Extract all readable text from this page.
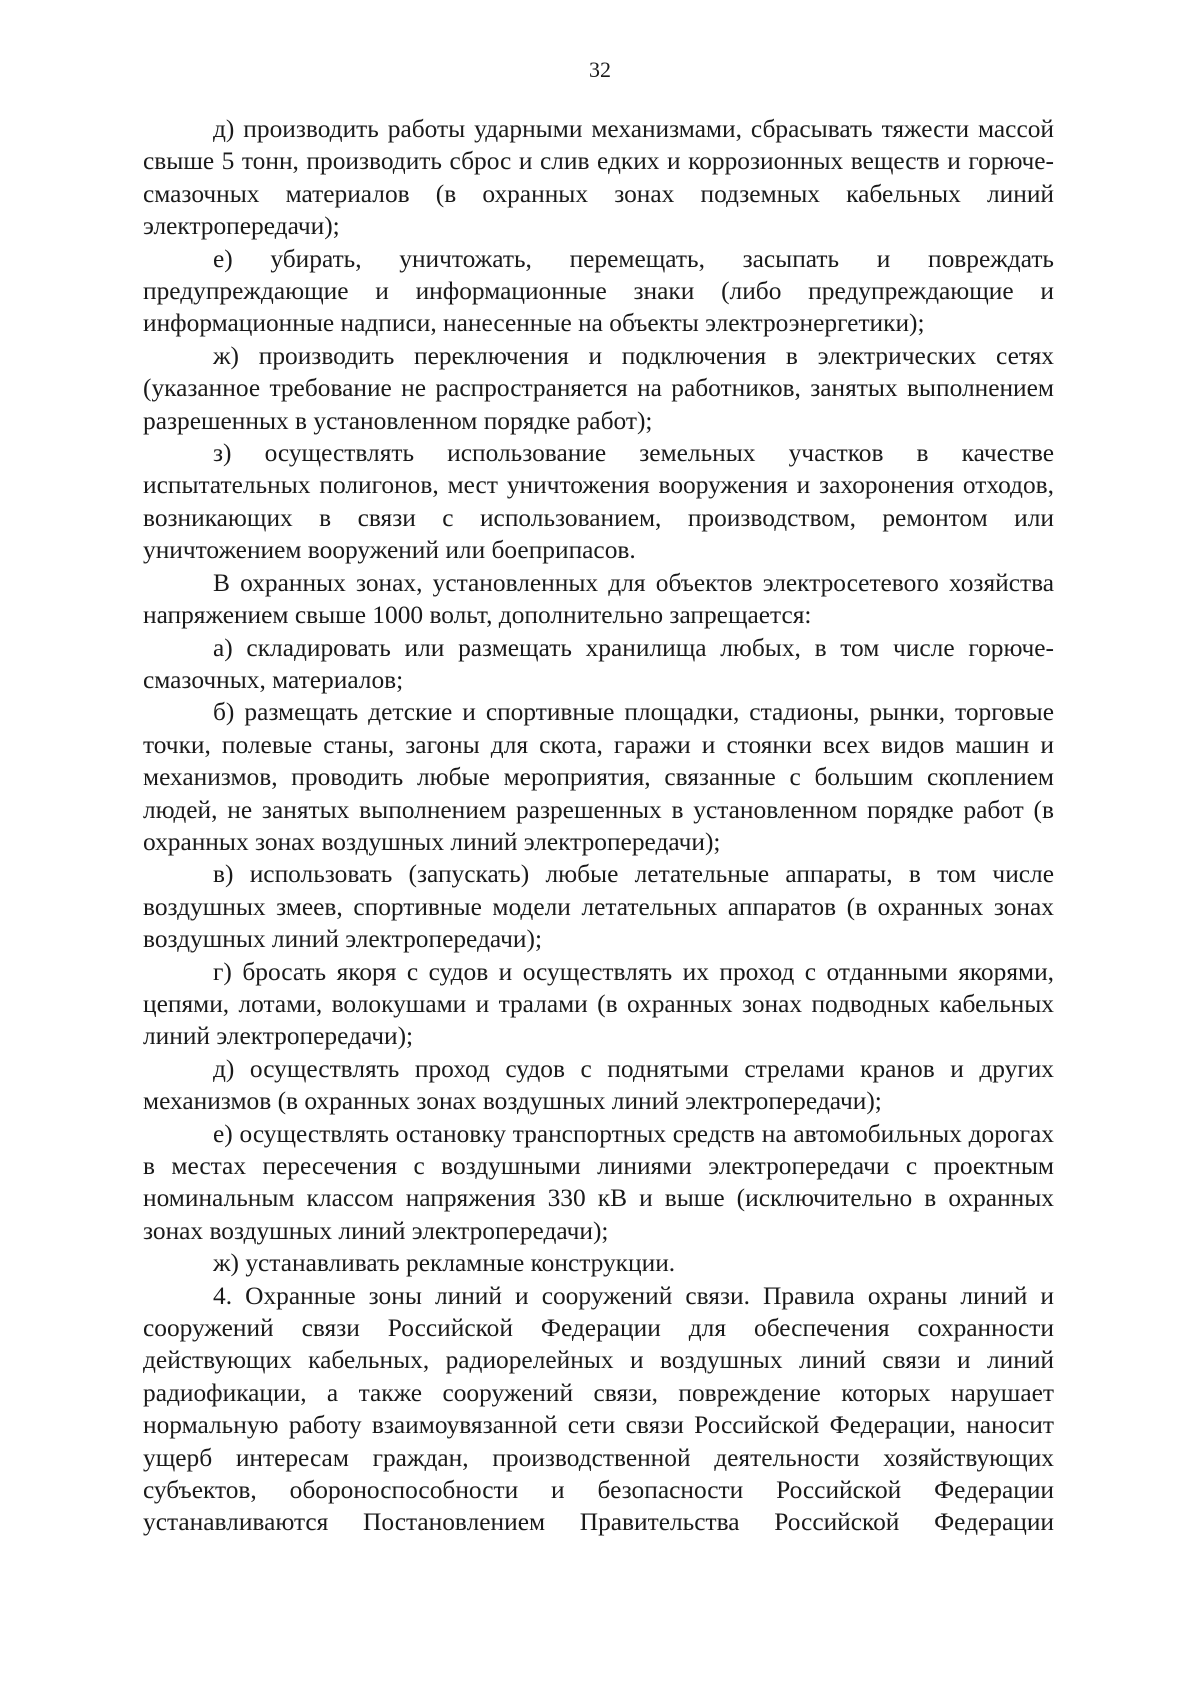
32

д) производить работы ударными механизмами, сбрасывать тяжести массой свыше 5 тонн, производить сброс и слив едких и коррозионных веществ и горюче-смазочных материалов (в охранных зонах подземных кабельных линий электропередачи);

е) убирать, уничтожать, перемещать, засыпать и повреждать предупреждающие и информационные знаки (либо предупреждающие и информационные надписи, нанесенные на объекты электроэнергетики);

ж) производить переключения и подключения в электрических сетях (указанное требование не распространяется на работников, занятых выполнением разрешенных в установленном порядке работ);

з) осуществлять использование земельных участков в качестве испытательных полигонов, мест уничтожения вооружения и захоронения отходов, возникающих в связи с использованием, производством, ремонтом или уничтожением вооружений или боеприпасов.

В охранных зонах, установленных для объектов электросетевого хозяйства напряжением свыше 1000 вольт, дополнительно запрещается:

а) складировать или размещать хранилища любых, в том числе горюче-смазочных, материалов;

б) размещать детские и спортивные площадки, стадионы, рынки, торговые точки, полевые станы, загоны для скота, гаражи и стоянки всех видов машин и механизмов, проводить любые мероприятия, связанные с большим скоплением людей, не занятых выполнением разрешенных в установленном порядке работ (в охранных зонах воздушных линий электропередачи);

в) использовать (запускать) любые летательные аппараты, в том числе воздушных змеев, спортивные модели летательных аппаратов (в охранных зонах воздушных линий электропередачи);

г) бросать якоря с судов и осуществлять их проход с отданными якорями, цепями, лотами, волокушами и тралами (в охранных зонах подводных кабельных линий электропередачи);

д) осуществлять проход судов с поднятыми стрелами кранов и других механизмов (в охранных зонах воздушных линий электропередачи);

е) осуществлять остановку транспортных средств на автомобильных дорогах в местах пересечения с воздушными линиями электропередачи с проектным номинальным классом напряжения 330 кВ и выше (исключительно в охранных зонах воздушных линий электропередачи);

ж) устанавливать рекламные конструкции.

4. Охранные зоны линий и сооружений связи. Правила охраны линий и сооружений связи Российской Федерации для обеспечения сохранности действующих кабельных, радиорелейных и воздушных линий связи и линий радиофикации, а также сооружений связи, повреждение которых нарушает нормальную работу взаимоувязанной сети связи Российской Федерации, наносит ущерб интересам граждан, производственной деятельности хозяйствующих субъектов, обороноспособности и безопасности Российской Федерации устанавливаются Постановлением Правительства Российской Федерации
